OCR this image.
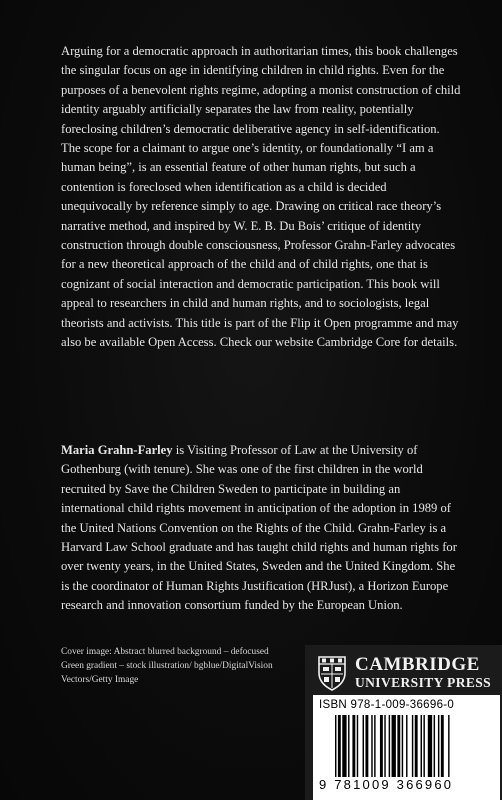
Arguing for a democratic approach in authoritarian times, this book challenges the singular focus on age in identifying children in child rights. Even for the purposes of a benevolent rights regime, adopting a monist construction of child identity arguably artificially separates the law from reality, potentially foreclosing children’s democratic deliberative agency in self-identification. The scope for a claimant to argue one’s identity, or foundationally “I am a human being”, is an essential feature of other human rights, but such a contention is foreclosed when identification as a child is decided unequivocally by reference simply to age. Drawing on critical race theory’s narrative method, and inspired by W. E. B. Du Bois’ critique of identity construction through double consciousness, Professor Grahn-Farley advocates for a new theoretical approach of the child and of child rights, one that is cognizant of social interaction and democratic participation. This book will appeal to researchers in child and human rights, and to sociologists, legal theorists and activists. This title is part of the Flip it Open programme and may also be available Open Access. Check our website Cambridge Core for details.

Maria Grahn-Farley is Visiting Professor of Law at the University of Gothenburg (with tenure). She was one of the first children in the world recruited by Save the Children Sweden to participate in building an international child rights movement in anticipation of the adoption in 1989 of the United Nations Convention on the Rights of the Child. Grahn-Farley is a Harvard Law School graduate and has taught child rights and human rights for over twenty years, in the United States, Sweden and the United Kingdom. She is the coordinator of Human Rights Justification (HRJust), a Horizon Europe research and innovation consortium funded by the European Union.

Cover image: Abstract blurred background – defocused Green gradient – stock illustration/ bgblue/DigitalVision Vectors/Getty Image

CAMBRIDGE
UNIVERSITY PRESS
ISBN 978-1-009-36696-0
9 781009 366960
